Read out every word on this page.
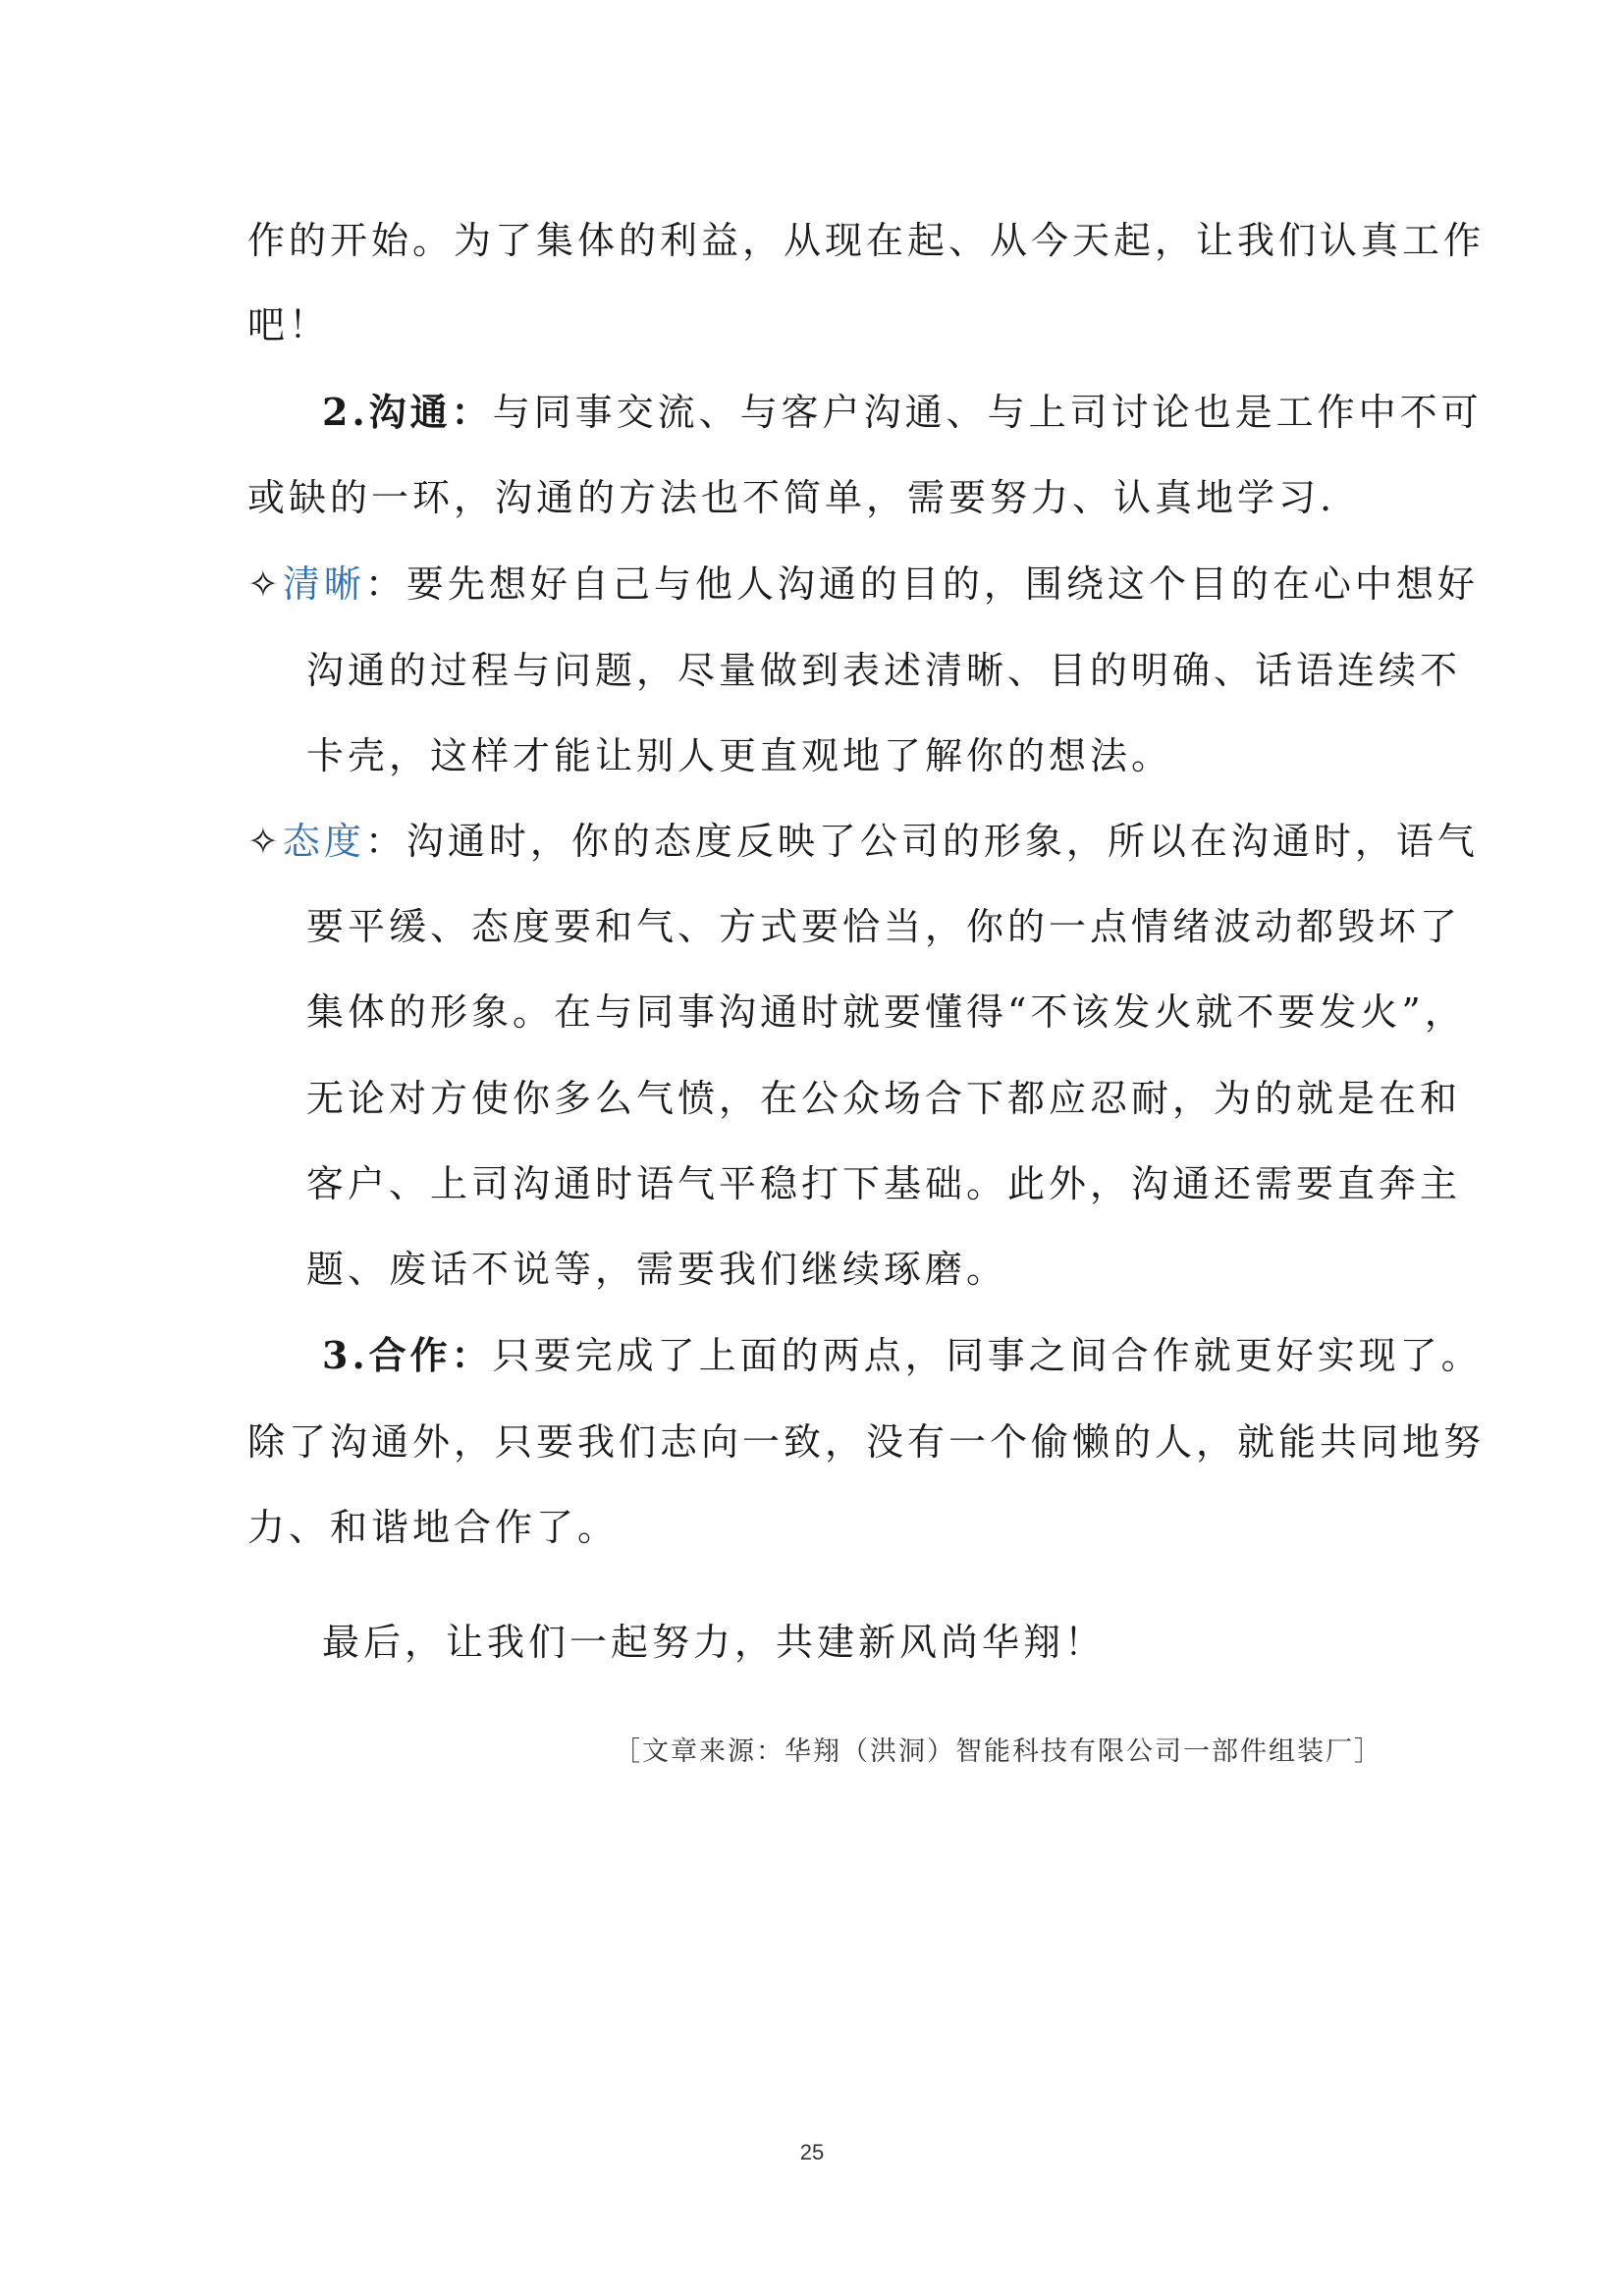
作的开始。为了集体的利益，从现在起、从今天起，让我们认真工作
吧！
2.沟通：与同事交流、与客户沟通、与上司讨论也是工作中不可
或缺的一环，沟通的方法也不简单，需要努力、认真地学习.
✧清晰：要先想好自己与他人沟通的目的，围绕这个目的在心中想好
沟通的过程与问题，尽量做到表述清晰、目的明确、话语连续不
卡壳，这样才能让别人更直观地了解你的想法。
✧态度：沟通时，你的态度反映了公司的形象，所以在沟通时，语气
要平缓、态度要和气、方式要恰当，你的一点情绪波动都毁坏了
集体的形象。在与同事沟通时就要懂得“不该发火就不要发火”，
无论对方使你多么气愤，在公众场合下都应忍耐，为的就是在和
客户、上司沟通时语气平稳打下基础。此外，沟通还需要直奔主
题、废话不说等，需要我们继续琢磨。
3.合作：只要完成了上面的两点，同事之间合作就更好实现了。
除了沟通外，只要我们志向一致，没有一个偷懒的人，就能共同地努
力、和谐地合作了。
最后，让我们一起努力，共建新风尚华翔！
［文章来源：华翔（洪洞）智能科技有限公司一部件组装厂］
25
